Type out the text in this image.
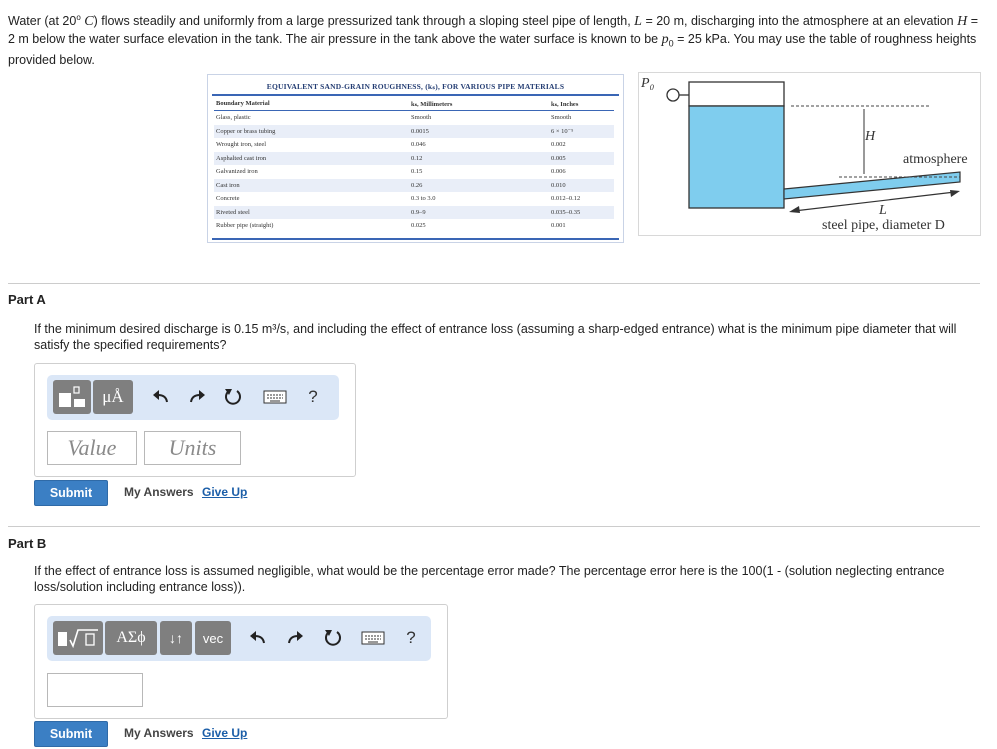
Water (at 20$^o$ C) flows steadily and uniformly from a large pressurized tank through a sloping steel pipe of length, L = 20 m, discharging into the atmosphere at an elevation H = 2 m below the water surface elevation in the tank. The air pressure in the tank above the water surface is known to be $p_0 = 25$ kPa. You may use the table of roughness heights provided below.
EQUIVALENT SAND-GRAIN ROUGHNESS, (kₛ), FOR VARIOUS PIPE MATERIALS
Boundary Material	kₛ, Millimeters	kₛ, Inches
Glass, plastic	Smooth	Smooth
Copper or brass tubing	0.0015	6 × 10⁻⁵
Wrought iron, steel	0.046	0.002
Asphalted cast iron	0.12	0.005
Galvanized iron	0.15	0.006
Cast iron	0.26	0.010
Concrete	0.3 to 3.0	0.012–0.12
Riveted steel	0.9–9	0.035–0.35
Rubber pipe (straight)	0.025	0.001
P₀
H
atmosphere
L
steel pipe, diameter D
Part A
If the minimum desired discharge is 0.15 m³/s, and including the effect of entrance loss (assuming a sharp-edged entrance) what is the minimum pipe diameter that will satisfy the specified requirements?
μÅ	?
Value	Units
Submit	My Answers Give Up
Part B
If the effect of entrance loss is assumed negligible, what would be the percentage error made? The percentage error here is the 100(1 - (solution neglecting entrance loss/solution including entrance loss)).
ΑΣϕ	↓↑	vec	?
Submit	My Answers Give Up
